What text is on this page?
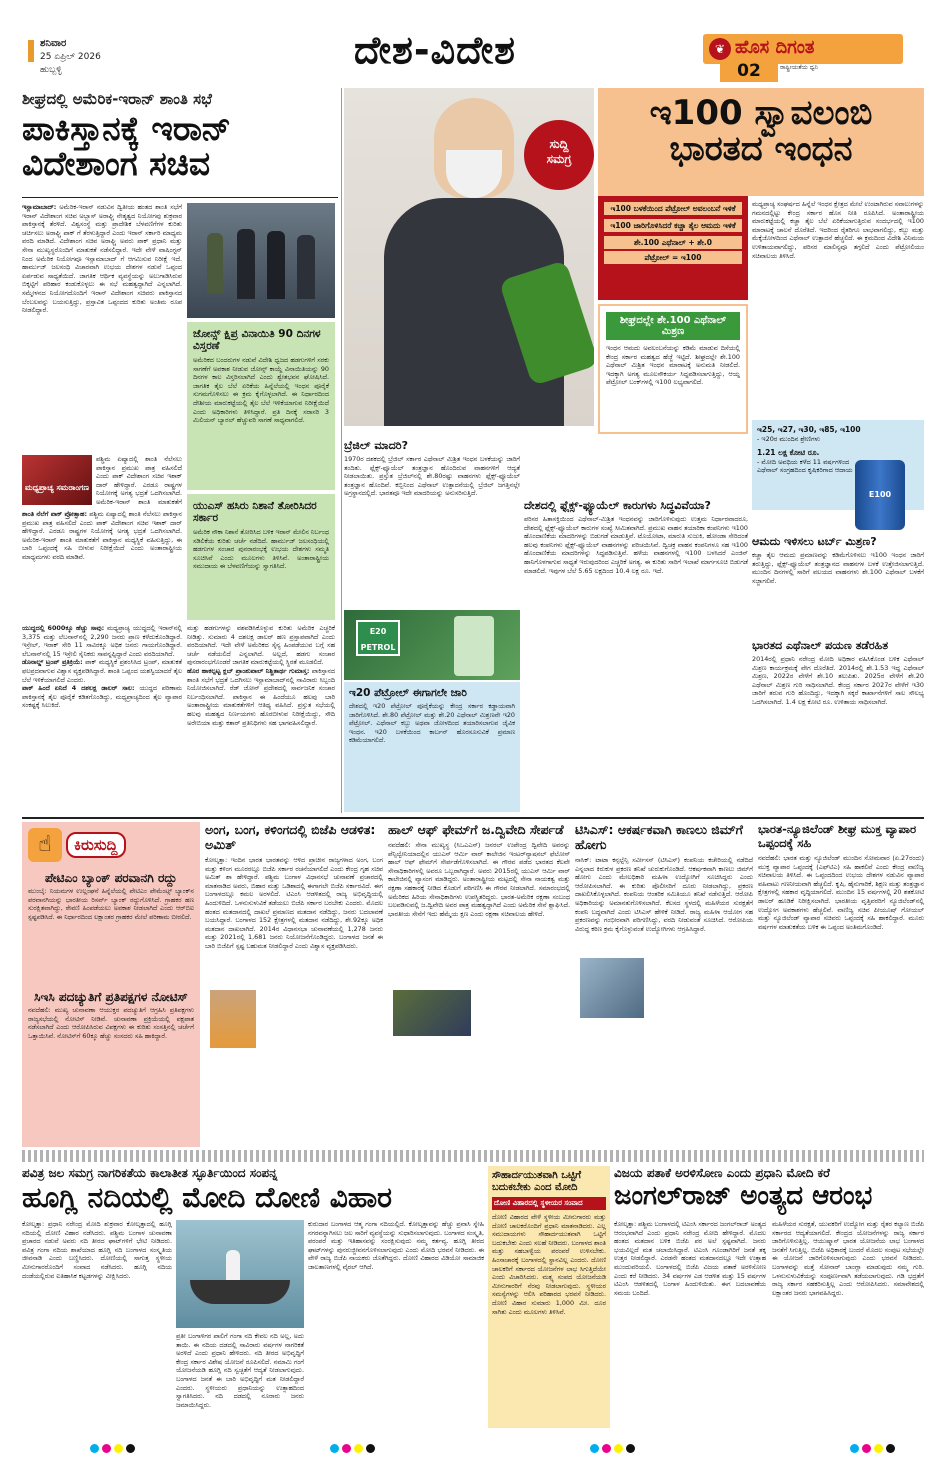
ಶನಿವಾರ
25 ಏಪ್ರಿಲ್ 2026
ಹುಬ್ಬಳ್ಳಿ	ದೇಶ-ವಿದೇಶ	❦ ಹೊಸ ದಿಗಂತ
ರಾಷ್ಟ್ರೀಯತೆಯ ಧ್ವನಿ
02
ಶೀಘ್ರದಲ್ಲಿ ಅಮೆರಿಕ-ಇರಾನ್ ಶಾಂತಿ ಸಭೆ
ಪಾಕಿಸ್ತಾನಕ್ಕೆ ಇರಾನ್
ವಿದೇಶಾಂಗ ಸಚಿವ
ಇಸ್ಲಾಮಾಬಾದ್: ಅಮೆರಿಕ-ಇರಾನ್ ನಡುವಿನ ದ್ವಿತೀಯ ಹಂತದ ಶಾಂತಿ ಸಭೆಗೆ ಇರಾನ್ ವಿದೇಶಾಂಗ ಸಚಿವ ಅಬ್ಬಾಸ್ ಅರಾಘ್ಚಿ ನೇತೃತ್ವದ ನಿಯೋಗವು ಶುಕ್ರವಾರ ಪಾಕಿಸ್ತಾನಕ್ಕೆ ತೆರಳಿದೆ. ವಿಶ್ವಸಂಸ್ಥೆ ಮತ್ತು ಪ್ರಾದೇಶಿಕ ಬೆಳವಣಿಗೆಗಳ ಕುರಿತು ಚರ್ಚಿಸಲು ಅರಾಘ್ಚಿ ಪಾಕ್ ಗೆ ತೆರಳುತ್ತಿದ್ದಾರೆ ಎಂದು ಇರಾನ್ ಸರ್ಕಾರಿ ಮಾಧ್ಯಮ ವರದಿ ಮಾಡಿದೆ. ವಿದೇಶಾಂಗ ಸಚಿವ ಅರಾಘ್ಚಿ ಅವರು ಪಾಕ್ ಪ್ರಧಾನಿ ಮತ್ತು ಸೇನಾ ಮುಖ್ಯಸ್ಥರೊಂದಿಗೆ ಮಾತುಕತೆ ನಡೆಸಲಿದ್ದಾರೆ. ಇದೇ ವೇಳೆ ವಾಷಿಂಗ್ಟನ್ ನಿಂದ ಅಮೆರಿಕ ನಿಯೋಗವೂ ಇಸ್ಲಾಮಾಬಾದ್ ಗೆ ಆಗಮಿಸುವ ನಿರೀಕ್ಷೆ ಇದೆ. ಹಾರ್ಮುಜ್ ಜಲಸಂಧಿ ವಿಚಾರವಾಗಿ ಉಭಯ ದೇಶಗಳ ನಡುವೆ ಒಪ್ಪಂದ ಏರ್ಪಡುವ ಸಾಧ್ಯತೆಯಿದೆ. ಜಾಗತಿಕ ಆರ್ಥಿಕ ವ್ಯವಸ್ಥೆಯನ್ನು ಅಲುಗಾಡಿಸಿರುವ ಬಿಕ್ಕಟ್ಟಿಗೆ ಪರಿಹಾರ ಕಂಡುಕೊಳ್ಳಲು ಈ ಸಭೆ ಮಹತ್ವದ್ದಾಗಿದೆ ಎನ್ನಲಾಗಿದೆ. ಸಮ್ಮೇಳನದ ನಿಯೋಗದೊಂದಿಗೆ ಇರಾನ್ ವಿದೇಶಾಂಗ ಸಚಿವರು ಪಾಕಿಸ್ತಾನದ ಬೆಂಬಲವನ್ನು ಬಯಸುತ್ತಿದ್ದು, ಪ್ರಸ್ತಾವಿತ ಒಪ್ಪಂದದ ಕುರಿತು ಅಂತಿಮ ರೂಪ ನೀಡಲಿದ್ದಾರೆ.
ಜೋನ್ಸ್ ಕ್ಷಿಪ್ರ ವಿನಾಯಿತಿ 90 ದಿನಗಳ ವಿಸ್ತರಣೆ
ಅಮೆರಿಕದ ಬಂದರುಗಳ ನಡುವೆ ವಿದೇಶಿ ಧ್ವಜದ ಹಡಗುಗಳಿಗೆ ಸರಕು ಸಾಗಣೆಗೆ ಅವಕಾಶ ನೀಡುವ ಜೋನ್ಸ್ ಕಾಯ್ದೆ ವಿನಾಯಿತಿಯನ್ನು 90 ದಿನಗಳ ಕಾಲ ವಿಸ್ತರಿಸಲಾಗಿದೆ ಎಂದು ಶ್ವೇತಭವನ ಘೋಷಿಸಿದೆ. ಜಾಗತಿಕ ತೈಲ ಬೆಲೆ ಏರಿಕೆಯ ಹಿನ್ನೆಲೆಯಲ್ಲಿ ಇಂಧನ ಪೂರೈಕೆ ಸುಗಮಗೊಳಿಸಲು ಈ ಕ್ರಮ ಕೈಗೊಳ್ಳಲಾಗಿದೆ. ಈ ನಿರ್ಧಾರದಿಂದ ದೇಶೀಯ ಮಾರುಕಟ್ಟೆಯಲ್ಲಿ ತೈಲ ಬೆಲೆ ಇಳಿಕೆಯಾಗುವ ನಿರೀಕ್ಷೆಯಿದೆ ಎಂದು ಅಧಿಕಾರಿಗಳು ತಿಳಿಸಿದ್ದಾರೆ. ಪ್ರತಿ ದಿನಕ್ಕೆ ಸರಾಸರಿ 3 ಮಿಲಿಯನ್ ಬ್ಯಾರಲ್ ಹೆಚ್ಚುವರಿ ಸಾಗಣೆ ಸಾಧ್ಯವಾಗಲಿದೆ.
ಮಧ್ಯಪ್ರಾಚ್ಯ ಸಮರಾಂಗಣ
ಪಶ್ಚಿಮ ಏಷ್ಯಾದಲ್ಲಿ ಶಾಂತಿ ನೆಲೆಸಲು ಪಾಕಿಸ್ತಾನ ಪ್ರಮುಖ ಪಾತ್ರ ವಹಿಸಲಿದೆ ಎಂದು ಪಾಕ್ ವಿದೇಶಾಂಗ ಸಚಿವ ಇಶಾಕ್ ದಾರ್ ಹೇಳಿದ್ದಾರೆ. ಎರಡೂ ರಾಷ್ಟ್ರಗಳ ನಿಯೋಗಕ್ಕೆ ಅಗತ್ಯ ಭದ್ರತೆ ಒದಗಿಸಲಾಗಿದೆ. ಅಮೆರಿಕ-ಇರಾನ್ ಶಾಂತಿ ಮಾತುಕತೆಗೆ
ಶಾಂತಿ ನೆಲೆಗೆ ಪಾಕ್ ಪ್ರೋತ್ಸಾಹ: ಪಶ್ಚಿಮ ಏಷ್ಯಾದಲ್ಲಿ ಶಾಂತಿ ನೆಲೆಸಲು ಪಾಕಿಸ್ತಾನ ಪ್ರಮುಖ ಪಾತ್ರ ವಹಿಸಲಿದೆ ಎಂದು ಪಾಕ್ ವಿದೇಶಾಂಗ ಸಚಿವ ಇಶಾಕ್ ದಾರ್ ಹೇಳಿದ್ದಾರೆ. ಎರಡೂ ರಾಷ್ಟ್ರಗಳ ನಿಯೋಗಕ್ಕೆ ಅಗತ್ಯ ಭದ್ರತೆ ಒದಗಿಸಲಾಗಿದೆ. ಅಮೆರಿಕ-ಇರಾನ್ ಶಾಂತಿ ಮಾತುಕತೆಗೆ ಪಾಕಿಸ್ತಾನ ಮಧ್ಯಸ್ಥಿಕೆ ವಹಿಸುತ್ತಿದ್ದು, ಈ ಬಾರಿ ಒಪ್ಪಂದಕ್ಕೆ ಸಹಿ ಬೀಳುವ ನಿರೀಕ್ಷೆಯಿದೆ ಎಂದು ಅಂತಾರಾಷ್ಟ್ರೀಯ ಮಾಧ್ಯಮಗಳು ವರದಿ ಮಾಡಿವೆ.
ಯುಎಸ್ ಹಸಿರು ನಿಶಾನೆ ತೋರಿಸಿದರ ಸರ್ಕಾರ
ಅಮೆರಿಕ ನೌಕಾ ನಿಶಾನೆ ತೋರಿಸಿದ ಬಳಿಕ ಇರಾನ್ ಮೇಲಿನ ನಿರ್ಬಂಧ ಸಡಿಲಿಕೆಯ ಕುರಿತು ಚರ್ಚೆ ನಡೆದಿದೆ. ಹಾರ್ಮುಜ್ ಜಲಸಂಧಿಯಲ್ಲಿ ಹಡಗುಗಳ ಸಂಚಾರ ಪುನರಾರಂಭಕ್ಕೆ ಉಭಯ ದೇಶಗಳು ಸಮ್ಮತಿ ಸೂಚಿಸಿವೆ ಎಂದು ಮೂಲಗಳು ತಿಳಿಸಿವೆ. ಅಂತಾರಾಷ್ಟ್ರೀಯ ಸಮುದಾಯ ಈ ಬೆಳವಣಿಗೆಯನ್ನು ಸ್ವಾಗತಿಸಿದೆ.
ಯುದ್ಧದಲ್ಲಿ 6000ಕ್ಕೂ ಹೆಚ್ಚು ಸಾವು: ಮಧ್ಯಪ್ರಾಚ್ಯ ಯುದ್ಧದಲ್ಲಿ ಇರಾನ್‌ನಲ್ಲಿ 3,375 ಮತ್ತು ಲೆಬನಾನ್‌ನಲ್ಲಿ 2,290 ಜನರು ಪ್ರಾಣ ಕಳೆದುಕೊಂಡಿದ್ದಾರೆ. ಇಸ್ರೇಲ್, ಇರಾಕ್ ಸೇರಿ 11 ಸಾವಿರಕ್ಕೂ ಅಧಿಕ ಜನರು ಗಾಯಗೊಂಡಿದ್ದಾರೆ. ಲೆಬನಾನ್‌ನಲ್ಲಿ 15 ಇಸ್ರೇಲಿ ಸೈನಿಕರು ಸಾವನ್ನಪ್ಪಿದ್ದಾರೆ ಎಂದು ವರದಿಯಾಗಿದೆ.
ಡೊನಾಲ್ಡ್ ಟ್ರಂಪ್ ಪ್ರತಿಕ್ರಿಯೆ: ಪಾಕ್ ಮಧ್ಯಸ್ಥಿಕೆ ಪ್ರಶಂಸಿಸಿದ ಟ್ರಂಪ್, ಮಾತುಕತೆ ಫಲಪ್ರದವಾಗುವ ವಿಶ್ವಾಸ ವ್ಯಕ್ತಪಡಿಸಿದ್ದಾರೆ. ಶಾಂತಿ ಒಪ್ಪಂದ ಯಶಸ್ವಿಯಾದರೆ ತೈಲ ಬೆಲೆ ಇಳಿಕೆಯಾಗಲಿದೆ ಎಂದರು.
ಪಾಕ್ ಹಿಂದೆ ಏನಿದೆ 4 ದಶಲಕ್ಷ ಡಾಲರ್ ಸಾಲ: ಯುದ್ಧದ ಪರಿಣಾಮ ಪಾಕಿಸ್ತಾನಕ್ಕೆ ತೈಲ ಪೂರೈಕೆ ಕಡಿತಗೊಂಡಿದ್ದು, ಮಧ್ಯಪ್ರಾಚ್ಯದಿಂದ ತೈಲ ವ್ಯಾಪಾರ ಸಂಕಷ್ಟಕ್ಕೆ ಸಿಲುಕಿದೆ.
ಮತ್ತು ಹಡಗುಗಳನ್ನು ವಶಪಡಿಸಿಕೊಳ್ಳುವ ಕುರಿತು ಅಮೆರಿಕ ಎಚ್ಚರಿಕೆ ನೀಡಿತ್ತು. ಸುಮಾರು 4 ದಶಲಕ್ಷ ಡಾಲರ್ ಹಣ ಪ್ರಸ್ತಾಪವಾಗಿದೆ ಎಂದು ವರದಿಯಾಗಿದೆ. ಇದೇ ವೇಳೆ ಅಮೆರಿಕದ ಸೈನ್ಯ ಹಿಂಪಡೆಯುವ ಬಗ್ಗೆ ಸಹ ಚರ್ಚೆ ನಡೆಯಲಿದೆ ಎನ್ನಲಾಗಿದೆ. ಅಲ್ಲದೆ, ಹಡಗು ಸಂಚಾರ ಪುನರಾರಂಭಗೊಂಡರೆ ಜಾಗತಿಕ ಮಾರುಕಟ್ಟೆಯಲ್ಲಿ ಸ್ಥಿರತೆ ಮೂಡಲಿದೆ.
ಹೊರ ಹಾಕಲ್ಪಟ್ಟ ಕ್ಲಬ್ ಪ್ರಾಂಶುಪಾಲ್ ನಿಶ್ಚಿತಾರ್ಥ ಗುಮಾಸ್ತ: ಪಾಕಿಸ್ತಾನದ ಶಾಂತಿ ಸಭೆಗೆ ಭದ್ರತೆ ಒದಗಿಸಲು ಇಸ್ಲಾಮಾಬಾದ್‌ನಲ್ಲಿ ಸಾವಿರಾರು ಸಿಬ್ಬಂದಿ ನಿಯೋಜಿಸಲಾಗಿದೆ. ರೆಡ್ ಜೋನ್ ಪ್ರದೇಶದಲ್ಲಿ ಸಾರ್ವಜನಿಕ ಸಂಚಾರ ನಿರ್ಬಂಧಿಸಲಾಗಿದೆ. ಪಾಕಿಸ್ತಾನ ಈ ಹಿಂದೆಯೂ ಹಲವು ಬಾರಿ ಅಂತಾರಾಷ್ಟ್ರೀಯ ಮಾತುಕತೆಗಳಿಗೆ ಆತಿಥ್ಯ ವಹಿಸಿದೆ. ಪ್ರಸ್ತುತ ಸಭೆಯಲ್ಲಿ ಹಲವು ಮಹತ್ವದ ನಿರ್ಣಯಗಳು ಹೊರಬೀಳುವ ನಿರೀಕ್ಷೆಯಿದ್ದು, ಸೌದಿ ಅರೇಬಿಯಾ ಮತ್ತು ಕತಾರ್ ಪ್ರತಿನಿಧಿಗಳು ಸಹ ಭಾಗವಹಿಸಲಿದ್ದಾರೆ.
ಸುದ್ದಿ
ಸಮಗ್ರ
ಇ100 ಸ್ವಾವಲಂಬಿ
ಭಾರತದ ಇಂಧನ
ಇ100 ಬಳಕೆಯಿಂದ ಪೆಟ್ರೋಲ್ ಅವಲಂಬನೆ ಇಳಿಕೆ
ಇ100 ಜಾರಿಗೊಳಿಸಿದರೆ ಕಚ್ಚಾ ತೈಲ ಆಮದು ಇಳಿಕೆ
ಶೇ.100 ಎಥೆನಾಲ್ + ಶೇ.0
ಪೆಟ್ರೋಲ್ = ಇ100
ಶೀಘ್ರದಲ್ಲೇ ಶೇ.100 ಎಥೆನಾಲ್ ಮಿಶ್ರಣ
ಇಂಧನ ಆಮದು ಅವಲಂಬನೆಯನ್ನು ಕಡಿಮೆ ಮಾಡುವ ದಿಸೆಯಲ್ಲಿ ಕೇಂದ್ರ ಸರ್ಕಾರ ಮಹತ್ವದ ಹೆಜ್ಜೆ ಇಟ್ಟಿದೆ. ಶೀಘ್ರದಲ್ಲೇ ಶೇ.100 ಎಥೆನಾಲ್ ಮಿಶ್ರಿತ ಇಂಧನ ಮಾರಾಟಕ್ಕೆ ಅನುಮತಿ ನೀಡಲಿದೆ. ಇದಕ್ಕಾಗಿ ಅಗತ್ಯ ಮೂಲಸೌಕರ್ಯ ಸಿದ್ಧಪಡಿಸಲಾಗುತ್ತಿದ್ದು, ಆಯ್ದ ಪೆಟ್ರೋಲ್ ಬಂಕ್‌ಗಳಲ್ಲಿ ಇ100 ಲಭ್ಯವಾಗಲಿದೆ.
ಮಧ್ಯಪ್ರಾಚ್ಯ ಸಂಘರ್ಷದ ಹಿನ್ನೆಲೆ ಇಂಧನ ಕ್ಷೇತ್ರದ ಮೇಲೆ ಉಂಟಾಗಿರುವ ಸವಾಲುಗಳನ್ನು ಗಮನದಲ್ಲಿಟ್ಟು ಕೇಂದ್ರ ಸರ್ಕಾರ ಹೊಸ ನೀತಿ ರೂಪಿಸಿದೆ. ಅಂತಾರಾಷ್ಟ್ರೀಯ ಮಾರುಕಟ್ಟೆಯಲ್ಲಿ ಕಚ್ಚಾ ತೈಲ ಬೆಲೆ ಏರಿಕೆಯಾಗುತ್ತಿರುವ ಸಂದರ್ಭದಲ್ಲಿ ಇ100 ಮಾರಾಟಕ್ಕೆ ಚಾಲನೆ ದೊರೆತಿದೆ. ಇದರಿಂದ ರೈತರಿಗೂ ಲಾಭವಾಗಲಿದ್ದು, ಕಬ್ಬು ಮತ್ತು ಮೆಕ್ಕೆಜೋಳದಿಂದ ಎಥೆನಾಲ್ ಉತ್ಪಾದನೆ ಹೆಚ್ಚಲಿದೆ. ಈ ಕ್ರಮದಿಂದ ವಿದೇಶಿ ವಿನಿಮಯ ಉಳಿತಾಯವಾಗಲಿದ್ದು, ಪರಿಸರ ಮಾಲಿನ್ಯವೂ ತಗ್ಗಲಿದೆ ಎಂದು ಪೆಟ್ರೋಲಿಯಂ ಸಚಿವಾಲಯ ತಿಳಿಸಿದೆ.
ಇ25, ಇ27, ಇ30, ಇ85, ಇ100
- ಇ20ರ ಮುಂದಿನ ಶ್ರೇಣಿಗಳು
1.21 ಲಕ್ಷ ಕೋಟಿ ರೂ.
- ಮೋದಿ ಅವಧಿಯ ಕಳೆದ 11 ವರ್ಷಗಳಿಂದ ಎಥೆನಾಲ್ ಸಂಗ್ರಹದಿಂದ ಕೃಷಿಕರಿಗಾದ ಆದಾಯ
E100
ಆಮದು ಇಳಿಸಲು ಟರ್ಬ್ ಮಿಶ್ರಣ?
ಕಚ್ಚಾ ತೈಲ ಆಮದು ಪ್ರಮಾಣವನ್ನು ಕಡಿಮೆಗೊಳಿಸಲು ಇ100 ಇಂಧನ ಜಾರಿಗೆ ತರುತ್ತಿದ್ದು, ಫ್ಲೆಕ್ಸ್-ಫ್ಯೂಯೆಲ್ ತಂತ್ರಜ್ಞಾನದ ವಾಹನಗಳ ಬಳಕೆ ಉತ್ತೇಜಿಸಲಾಗುತ್ತಿದೆ. ಮುಂದಿನ ದಿನಗಳಲ್ಲಿ ಸಾರಿಗೆ ವಲಯದ ವಾಹನಗಳು ಶೇ.100 ಎಥೆನಾಲ್ ಬಳಕೆಗೆ ಸಜ್ಜಾಗಲಿವೆ.
ಭಾರತದ ಎಥೆನಾಲ್ ಪಯಣ ತಡೆರಹಿತ
2014ರಲ್ಲಿ ಪ್ರಧಾನಿ ನರೇಂದ್ರ ಮೋದಿ ಅಧಿಕಾರ ವಹಿಸಿಕೊಂಡ ಬಳಿಕ ಎಥೆನಾಲ್ ಮಿಶ್ರಣ ಕಾರ್ಯಕ್ರಮಕ್ಕೆ ವೇಗ ದೊರೆತಿದೆ. 2014ರಲ್ಲಿ ಶೇ.1.53 ಇದ್ದ ಎಥೆನಾಲ್ ಮಿಶ್ರಣ, 2022ರ ವೇಳೆಗೆ ಶೇ.10 ತಲುಪಿತು. 2025ರ ವೇಳೆಗೆ ಶೇ.20 ಎಥೆನಾಲ್ ಮಿಶ್ರಣ ಗುರಿ ಸಾಧಿಸಲಾಗಿದೆ. ಕೇಂದ್ರ ಸರ್ಕಾರ 2027ರ ವೇಳೆಗೆ ಇ30 ಜಾರಿಗೆ ತರುವ ಗುರಿ ಹೊಂದಿದ್ದು, ಇದಕ್ಕಾಗಿ ಸಕ್ಕರೆ ಕಾರ್ಖಾನೆಗಳಿಗೆ ಸಾಲ ಸೌಲಭ್ಯ ಒದಗಿಸಲಾಗಿದೆ. 1.4 ಲಕ್ಷ ಕೋಟಿ ರೂ. ಉಳಿತಾಯ ಸಾಧಿಸಲಾಗಿದೆ.
ಬ್ರೆಜಿಲ್ ಮಾದರಿ?
1970ರ ದಶಕದಲ್ಲಿ ಬ್ರೆಜಿಲ್ ಸರ್ಕಾರ ಎಥೆನಾಲ್ ಮಿಶ್ರಿತ ಇಂಧನ ಬಳಕೆಯನ್ನು ಜಾರಿಗೆ ತಂದಿತು. ಫ್ಲೆಕ್ಸ್-ಫ್ಯೂಯೆಲ್ ತಂತ್ರಜ್ಞಾನ ಹೊಂದಿರುವ ವಾಹನಗಳಿಗೆ ಆದ್ಯತೆ ನೀಡಲಾಯಿತು. ಪ್ರಸ್ತುತ ಬ್ರೆಜಿಲ್‌ನಲ್ಲಿ ಶೇ.80ರಷ್ಟು ವಾಹನಗಳು ಫ್ಲೆಕ್ಸ್-ಫ್ಯೂಯೆಲ್ ತಂತ್ರಜ್ಞಾನ ಹೊಂದಿವೆ. ಕಬ್ಬಿನಿಂದ ಎಥೆನಾಲ್ ಉತ್ಪಾದನೆಯಲ್ಲಿ ಬ್ರೆಜಿಲ್ ಜಗತ್ತಿನಲ್ಲೇ ಅಗ್ರಸ್ಥಾನದಲ್ಲಿದೆ. ಭಾರತವೂ ಇದೇ ಮಾದರಿಯನ್ನು ಅನುಸರಿಸುತ್ತಿದೆ.
ದೇಶದಲ್ಲಿ ಫ್ಲೆಕ್ಸ್-ಫ್ಯೂಯೆಲ್ ಕಾರುಗಳು ಸಿದ್ಧವಿವೆಯಾ?
ಪರಿಸರ ಹಿತಾಸಕ್ತಿಯಿಂದ ಎಥೆನಾಲ್-ಮಿಶ್ರಿತ ಇಂಧನವನ್ನು ಜಾರಿಗೊಳಿಸುವುದು ಉತ್ತಮ ನಿರ್ಧಾರವಾದರೂ, ದೇಶದಲ್ಲಿ ಫ್ಲೆಕ್ಸ್-ಫ್ಯೂಯೆಲ್ ಕಾರುಗಳ ಸಂಖ್ಯೆ ಸೀಮಿತವಾಗಿದೆ. ಪ್ರಮುಖ ವಾಹನ ತಯಾರಿಕಾ ಕಂಪನಿಗಳು ಇ100 ಹೊಂದಾಣಿಕೆಯ ಮಾದರಿಗಳನ್ನು ಬಿಡುಗಡೆ ಮಾಡುತ್ತಿವೆ. ಟೊಯೋಟಾ, ಮಾರುತಿ ಸುಜುಕಿ, ಹೋಂಡಾ ಸೇರಿದಂತೆ ಹಲವು ಕಂಪನಿಗಳು ಫ್ಲೆಕ್ಸ್-ಫ್ಯೂಯೆಲ್ ವಾಹನಗಳನ್ನು ಪರಿಚಯಿಸಿವೆ. ದ್ವಿಚಕ್ರ ವಾಹನ ಕಂಪನಿಗಳೂ ಸಹ ಇ100 ಹೊಂದಾಣಿಕೆಯ ಮಾದರಿಗಳನ್ನು ಸಿದ್ಧಪಡಿಸುತ್ತಿವೆ. ಹಳೆಯ ವಾಹನಗಳಲ್ಲಿ ಇ100 ಬಳಸಿದರೆ ಎಂಜಿನ್ ಹಾನಿಗೊಳಗಾಗುವ ಸಾಧ್ಯತೆ ಇರುವುದರಿಂದ ಎಚ್ಚರಿಕೆ ಅಗತ್ಯ. ಈ ಕುರಿತು ಸಾರಿಗೆ ಇಲಾಖೆ ಮಾರ್ಗಸೂಚಿ ಬಿಡುಗಡೆ ಮಾಡಲಿದೆ. ಇವುಗಳ ಬೆಲೆ 5.65 ಲಕ್ಷದಿಂದ 10.4 ಲಕ್ಷ ರೂ. ಇದೆ.
E20 PETROL
ಇ20 ಪೆಟ್ರೋಲ್ ಈಗಾಗಲೇ ಜಾರಿ
ದೇಶದಲ್ಲಿ ಇ20 ಪೆಟ್ರೋಲ್ ಪೂರೈಕೆಯನ್ನು ಕೇಂದ್ರ ಸರ್ಕಾರ ಕಡ್ಡಾಯವಾಗಿ ಜಾರಿಗೊಳಿಸಿದೆ. ಶೇ.80 ಪೆಟ್ರೋಲ್ ಮತ್ತು ಶೇ.20 ಎಥೆನಾಲ್ ಮಿಶ್ರಣವೇ ಇ20 ಪೆಟ್ರೋಲ್. ಎಥೆನಾಲ್ ಕಬ್ಬು ಅಥವಾ ಜೋಳದಿಂದ ತಯಾರಿಸಲಾಗುವ ಜೈವಿಕ ಇಂಧನ. ಇ20 ಬಳಕೆಯಿಂದ ಕಾರ್ಬನ್ ಹೊರಸೂಸುವಿಕೆ ಪ್ರಮಾಣ ಕಡಿಮೆಯಾಗಲಿದೆ.
☝	ಕಿರುಸುದ್ದಿ
ಪೇಟಿಎಂ ಬ್ಯಾಂಕ್ ಪರವಾನಗಿ ರದ್ದು
ಮುಂಬೈ: ನಿಯಮಗಳ ಉಲ್ಲಂಘನೆ ಹಿನ್ನೆಲೆಯಲ್ಲಿ ಪೇಟಿಎಂ ಪೇಮೆಂಟ್ಸ್ ಬ್ಯಾಂಕ್‌ನ ಪರವಾನಗಿಯನ್ನು ಭಾರತೀಯ ರಿಸರ್ವ್ ಬ್ಯಾಂಕ್ ರದ್ದುಗೊಳಿಸಿದೆ. ಗ್ರಾಹಕರ ಹಣ ಸುರಕ್ಷಿತವಾಗಿದ್ದು, ಠೇವಣಿ ಹಿಂಪಡೆಯಲು ಅವಕಾಶ ನೀಡಲಾಗಿದೆ ಎಂದು ಆರ್‌ಬಿಐ ಸ್ಪಷ್ಟಪಡಿಸಿದೆ. ಈ ನಿರ್ಧಾರದಿಂದ ಲಕ್ಷಾಂತರ ಗ್ರಾಹಕರ ಮೇಲೆ ಪರಿಣಾಮ ಬೀರಲಿದೆ.
ಸಿಇಸಿ ಪದಚ್ಯುತಿಗೆ ಪ್ರತಿಪಕ್ಷಗಳ ನೋಟಿಸ್
ನವದೆಹಲಿ: ಮುಖ್ಯ ಚುನಾವಣಾ ಆಯುಕ್ತರ ಪದಚ್ಯುತಿಗೆ ಆಗ್ರಹಿಸಿ ಪ್ರತಿಪಕ್ಷಗಳು ರಾಜ್ಯಸಭೆಯಲ್ಲಿ ನೋಟಿಸ್ ನೀಡಿವೆ. ಚುನಾವಣಾ ಪ್ರಕ್ರಿಯೆಯಲ್ಲಿ ಪಕ್ಷಪಾತ ನಡೆಸಲಾಗಿದೆ ಎಂದು ಆರೋಪಿಸಿರುವ ವಿಪಕ್ಷಗಳು ಈ ಕುರಿತು ಸಂಸತ್ತಿನಲ್ಲಿ ಚರ್ಚೆಗೆ ಒತ್ತಾಯಿಸಿವೆ. ನೋಟಿಸ್‌ಗೆ 60ಕ್ಕೂ ಹೆಚ್ಚು ಸಂಸದರು ಸಹಿ ಹಾಕಿದ್ದಾರೆ.
ಅಂಗ, ಬಂಗ, ಕಳಿಂಗದಲ್ಲಿ ಬಿಜೆಪಿ ಆಡಳಿತ: ಅಮಿತ್
ಕೋಲ್ಕತ್ತಾ: ಇಂದಿನ ಭಾರತ ಭಾರತವನ್ನು ಆಳಿದ ಪ್ರಾಚೀನ ರಾಜ್ಯಗಳಾದ ಅಂಗ, ಬಂಗ ಮತ್ತು ಕಳಿಂಗ ಮೂರರಲ್ಲೂ ಬಿಜೆಪಿ ಸರ್ಕಾರ ರಚನೆಯಾಗಲಿದೆ ಎಂದು ಕೇಂದ್ರ ಗೃಹ ಸಚಿವ ಅಮಿತ್ ಶಾ ಹೇಳಿದ್ದಾರೆ. ಪಶ್ಚಿಮ ಬಂಗಾಳ ವಿಧಾನಸಭೆ ಚುನಾವಣೆ ಪ್ರಚಾರದಲ್ಲಿ ಮಾತನಾಡಿದ ಅವರು, ಬಿಹಾರ ಮತ್ತು ಒಡಿಶಾದಲ್ಲಿ ಈಗಾಗಲೇ ಬಿಜೆಪಿ ಸರ್ಕಾರವಿದೆ. ಈಗ ಬಂಗಾಳದಲ್ಲೂ ಕಮಲ ಅರಳಲಿದೆ. ಟಿಎಂಸಿ ಆಡಳಿತದಲ್ಲಿ ರಾಜ್ಯ ಅಭಿವೃದ್ಧಿಯಲ್ಲಿ ಹಿಂದುಳಿದಿದೆ. ಒಳನುಸುಳುವಿಕೆ ತಡೆಯಲು ಬಿಜೆಪಿ ಸರ್ಕಾರ ಬರಬೇಕು ಎಂದರು. ಮೊದಲ ಹಂತದ ಮತದಾನದಲ್ಲಿ ದಾಖಲೆ ಪ್ರಮಾಣದ ಮತದಾನ ನಡೆದಿದ್ದು, ಜನರು ಬದಲಾವಣೆ ಬಯಸಿದ್ದಾರೆ. ಬಂಗಾಳದ 152 ಕ್ಷೇತ್ರಗಳಲ್ಲಿ ಮತದಾನ ನಡೆದಿದ್ದು, ಶೇ.92ಕ್ಕೂ ಅಧಿಕ ಮತದಾನ ದಾಖಲಾಗಿದೆ. 2014ರ ವಿಧಾನಸಭಾ ಚುನಾವಣೆಯಲ್ಲಿ 1,278 ಜನರು ಮತ್ತು 2021ರಲ್ಲಿ 1,681 ಜನರು ನಿಯೋಜನೆಗೊಂಡಿದ್ದರು. ಬಂಗಾಳದ ಜನತೆ ಈ ಬಾರಿ ಬಿಜೆಪಿಗೆ ಸ್ಪಷ್ಟ ಬಹುಮತ ನೀಡಲಿದ್ದಾರೆ ಎಂದು ವಿಶ್ವಾಸ ವ್ಯಕ್ತಪಡಿಸಿದರು.
ಹಾಲ್ ಆಫ್ ಫೇಮ್‌ಗೆ ಜ.ದ್ವಿವೇದಿ ಸೇರ್ಪಡೆ
ನವದೆಹಲಿ: ಸೇನಾ ಮುಖ್ಯಸ್ಥ (ಸಿಒಎಎಸ್) ಜನರಲ್ ಉಪೇಂದ್ರ ದ್ವಿವೇದಿ ಅವರನ್ನು ಪೆನ್ಸಿಲ್ವೇನಿಯಾದಲ್ಲಿನ ಯುಎಸ್ ಆರ್ಮಿ ವಾರ್ ಕಾಲೇಜಿನ ಇಂಟರ್‌ನ್ಯಾಷನಲ್ ಫೆಲೋಸ್ ಹಾಲ್ ಆಫ್ ಫೇಮ್‌ಗೆ ಸೇರ್ಪಡೆಗೊಳಿಸಲಾಗಿದೆ. ಈ ಗೌರವ ಪಡೆದ ಭಾರತದ ಕೆಲವೇ ಸೇನಾಧಿಕಾರಿಗಳಲ್ಲಿ ಅವರೂ ಒಬ್ಬರಾಗಿದ್ದಾರೆ. ಅವರು 2015ರಲ್ಲಿ ಯುಎಸ್ ಆರ್ಮಿ ವಾರ್ ಕಾಲೇಜಿನಲ್ಲಿ ವ್ಯಾಸಂಗ ಮಾಡಿದ್ದರು. ಅಂತಾರಾಷ್ಟ್ರೀಯ ಮಟ್ಟದಲ್ಲಿ ಸೇನಾ ನಾಯಕತ್ವ ಮತ್ತು ರಕ್ಷಣಾ ಸಹಕಾರಕ್ಕೆ ನೀಡಿದ ಕೊಡುಗೆ ಪರಿಗಣಿಸಿ ಈ ಗೌರವ ನೀಡಲಾಗಿದೆ. ಸಮಾರಂಭದಲ್ಲಿ ಅಮೆರಿಕದ ಹಿರಿಯ ಸೇನಾಧಿಕಾರಿಗಳು ಉಪಸ್ಥಿತರಿದ್ದರು. ಭಾರತ-ಅಮೆರಿಕ ರಕ್ಷಣಾ ಸಂಬಂಧ ಬಲಪಡಿಸುವಲ್ಲಿ ಜ.ದ್ವಿವೇದಿ ಅವರ ಪಾತ್ರ ಮಹತ್ವದ್ದಾಗಿದೆ ಎಂದು ಅಮೆರಿಕ ಸೇನೆ ಶ್ಲಾಘಿಸಿದೆ. ಭಾರತೀಯ ಸೇನೆಗೆ ಇದು ಹೆಮ್ಮೆಯ ಕ್ಷಣ ಎಂದು ರಕ್ಷಣಾ ಸಚಿವಾಲಯ ಹೇಳಿದೆ.
ಟಿಸಿಎಸ್: ಆಕರ್ಷಕವಾಗಿ ಕಾಣಲು ಜಿಮ್‌ಗೆ ಹೋಗು
ನಾಸಿಕ್: ಟಾಟಾ ಕನ್ಸಲ್ಟೆನ್ಸಿ ಸರ್ವೀಸಸ್ (ಟಿಸಿಎಸ್) ಕಂಪನಿಯ ಕಚೇರಿಯಲ್ಲಿ ನಡೆದಿದೆ ಎನ್ನಲಾದ ಕಿರುಕುಳ ಪ್ರಕರಣ ತನಿಖೆ ಚುರುಕುಗೊಂಡಿದೆ. ಆಕರ್ಷಕವಾಗಿ ಕಾಣಲು ಜಿಮ್‌ಗೆ ಹೋಗು ಎಂದು ಮೇಲಧಿಕಾರಿ ಮಹಿಳಾ ಉದ್ಯೋಗಿಗೆ ಸೂಚಿಸಿದ್ದರು ಎಂದು ಆರೋಪಿಸಲಾಗಿದೆ. ಈ ಕುರಿತು ಪೊಲೀಸರಿಗೆ ದೂರು ನೀಡಲಾಗಿದ್ದು, ಪ್ರಕರಣ ದಾಖಲಿಸಿಕೊಳ್ಳಲಾಗಿದೆ. ಕಂಪನಿಯ ಆಂತರಿಕ ಸಮಿತಿಯೂ ತನಿಖೆ ನಡೆಸುತ್ತಿದೆ. ಆರೋಪಿ ಅಧಿಕಾರಿಯನ್ನು ಅಮಾನತುಗೊಳಿಸಲಾಗಿದೆ. ಕೆಲಸದ ಸ್ಥಳದಲ್ಲಿ ಮಹಿಳೆಯರ ಸುರಕ್ಷತೆಗೆ ಕಂಪನಿ ಬದ್ಧವಾಗಿದೆ ಎಂದು ಟಿಸಿಎಸ್ ಹೇಳಿಕೆ ನೀಡಿದೆ. ರಾಜ್ಯ ಮಹಿಳಾ ಆಯೋಗ ಸಹ ಪ್ರಕರಣವನ್ನು ಗಂಭೀರವಾಗಿ ಪರಿಗಣಿಸಿದ್ದು, ವರದಿ ನೀಡುವಂತೆ ಸೂಚಿಸಿದೆ. ಆರೋಪಿಯ ವಿರುದ್ಧ ಕಠಿಣ ಕ್ರಮ ಕೈಗೊಳ್ಳುವಂತೆ ಉದ್ಯೋಗಿಗಳು ಆಗ್ರಹಿಸಿದ್ದಾರೆ.
ಭಾರತ-ನ್ಯೂಜಿಲೆಂಡ್ ಶೀಘ್ರ ಮುಕ್ತ ವ್ಯಾಪಾರ ಒಪ್ಪಂದಕ್ಕೆ ಸಹಿ
ನವದೆಹಲಿ: ಭಾರತ ಮತ್ತು ನ್ಯೂಜಿಲೆಂಡ್ ಮುಂದಿನ ಸೋಮವಾರ (ಏ.27ರಂದು) ಮುಕ್ತ ವ್ಯಾಪಾರ ಒಪ್ಪಂದಕ್ಕೆ (ಎಫ್‌ಟಿಎ) ಸಹಿ ಹಾಕಲಿವೆ ಎಂದು ಕೇಂದ್ರ ವಾಣಿಜ್ಯ ಸಚಿವಾಲಯ ತಿಳಿಸಿದೆ. ಈ ಒಪ್ಪಂದದಿಂದ ಉಭಯ ದೇಶಗಳ ನಡುವಿನ ವ್ಯಾಪಾರ ವಹಿವಾಟು ಗಣನೀಯವಾಗಿ ಹೆಚ್ಚಲಿದೆ. ಕೃಷಿ, ಹೈನುಗಾರಿಕೆ, ಶಿಕ್ಷಣ ಮತ್ತು ತಂತ್ರಜ್ಞಾನ ಕ್ಷೇತ್ರಗಳಲ್ಲಿ ಸಹಕಾರ ವೃದ್ಧಿಯಾಗಲಿದೆ. ಮುಂದಿನ 15 ವರ್ಷಗಳಲ್ಲಿ 20 ಶತಕೋಟಿ ಡಾಲರ್ ಹೂಡಿಕೆ ನಿರೀಕ್ಷಿಸಲಾಗಿದೆ. ಭಾರತೀಯ ವೃತ್ತಿಪರರಿಗೆ ನ್ಯೂಜಿಲೆಂಡ್‌ನಲ್ಲಿ ಉದ್ಯೋಗ ಅವಕಾಶಗಳು ಹೆಚ್ಚಲಿವೆ. ವಾಣಿಜ್ಯ ಸಚಿವ ಪೀಯೂಷ್ ಗೋಯಲ್ ಮತ್ತು ನ್ಯೂಜಿಲೆಂಡ್ ವ್ಯಾಪಾರ ಸಚಿವರು ಒಪ್ಪಂದಕ್ಕೆ ಸಹಿ ಹಾಕಲಿದ್ದಾರೆ. ಮೂರು ವರ್ಷಗಳ ಮಾತುಕತೆಯ ಬಳಿಕ ಈ ಒಪ್ಪಂದ ಅಂತಿಮಗೊಂಡಿದೆ.
ಪವಿತ್ರ ಜಲ ಸಮಗ್ರ ನಾಗರಿಕತೆಯ ಕಾಲಾತೀತ ಸ್ಫೂರ್ತಿಯಿಂದ ಸಂಪನ್ನ
ಹೂಗ್ಲಿ ನದಿಯಲ್ಲಿ ಮೋದಿ ದೋಣಿ ವಿಹಾರ
ಕೋಲ್ಕತ್ತಾ: ಪ್ರಧಾನಿ ನರೇಂದ್ರ ಮೋದಿ ಶುಕ್ರವಾರ ಕೋಲ್ಕತ್ತಾದಲ್ಲಿ ಹೂಗ್ಲಿ ನದಿಯಲ್ಲಿ ದೋಣಿ ವಿಹಾರ ನಡೆಸಿದರು. ಪಶ್ಚಿಮ ಬಂಗಾಳ ಚುನಾವಣಾ ಪ್ರಚಾರದ ನಡುವೆ ಅವರು ನದಿ ತೀರದ ಘಾಟ್‌ಗಳಿಗೆ ಭೇಟಿ ನೀಡಿದರು. ಪವಿತ್ರ ಗಂಗಾ ನದಿಯ ಶಾಖೆಯಾದ ಹೂಗ್ಲಿ ನದಿ ಬಂಗಾಳದ ಸಂಸ್ಕೃತಿಯ ಜೀವನಾಡಿ ಎಂದು ಬಣ್ಣಿಸಿದರು. ದೋಣಿಯಲ್ಲಿ ಸಾಗುತ್ತ ಸ್ಥಳೀಯ ಮೀನುಗಾರರೊಂದಿಗೆ ಸಂವಾದ ನಡೆಸಿದರು. ಹೂಗ್ಲಿ ನದಿಯ ದಂಡೆಯಲ್ಲಿರುವ ಐತಿಹಾಸಿಕ ಕಟ್ಟಡಗಳನ್ನು ವೀಕ್ಷಿಸಿದರು.
ಪ್ರತೀ ಬಂಗಾಳಿಗರ ಪಾಲಿಗೆ ಗಂಗಾ ನದಿ ಕೇವಲ ನದಿ ಅಲ್ಲ, ಅದು ತಾಯಿ. ಈ ನದಿಯ ದಡದಲ್ಲಿ ಸಾವಿರಾರು ವರ್ಷಗಳ ನಾಗರಿಕತೆ ಅರಳಿದೆ ಎಂದು ಪ್ರಧಾನಿ ಹೇಳಿದರು. ನದಿ ತೀರದ ಅಭಿವೃದ್ಧಿಗೆ ಕೇಂದ್ರ ಸರ್ಕಾರ ವಿಶೇಷ ಯೋಜನೆ ರೂಪಿಸಲಿದೆ. ನಮಾಮಿ ಗಂಗೆ ಯೋಜನೆಯಡಿ ಹೂಗ್ಲಿ ನದಿ ಸ್ವಚ್ಛತೆಗೆ ಆದ್ಯತೆ ನೀಡಲಾಗುವುದು. ಬಂಗಾಳದ ಜನತೆ ಈ ಬಾರಿ ಅಭಿವೃದ್ಧಿಗೆ ಮತ ನೀಡಲಿದ್ದಾರೆ ಎಂದರು. ಸ್ಥಳೀಯರು ಪ್ರಧಾನಿಯನ್ನು ಉತ್ಸಾಹದಿಂದ ಸ್ವಾಗತಿಸಿದರು. ನದಿ ದಡದಲ್ಲಿ ನೂರಾರು ಜನರು ಜಮಾಯಿಸಿದ್ದರು.
ಕುರುದಾರ ಬಂಗಾಳದ ಆತ್ಮ ಗಂಗಾ ನದಿಯಲ್ಲಿದೆ. ಕೋಲ್ಕತ್ತಾವನ್ನು ಹೆಚ್ಚು ಪ್ರವಾಸಿ ಸ್ನೇಹಿ ನಗರವನ್ನಾಗಿಸಲು ಜಲ ಸಾರಿಗೆ ವ್ಯವಸ್ಥೆಯನ್ನು ಸುಧಾರಿಸಲಾಗುವುದು. ಬಂಗಾಳದ ಸಂಸ್ಕೃತಿ, ಪರಂಪರೆ ಮತ್ತು ಇತಿಹಾಸವನ್ನು ಸಂರಕ್ಷಿಸುವುದು ನಮ್ಮ ಕರ್ತವ್ಯ. ಹೂಗ್ಲಿ ತೀರದ ಘಾಟ್‌ಗಳನ್ನು ಪುನರುಜ್ಜೀವನಗೊಳಿಸಲಾಗುವುದು ಎಂದು ಮೋದಿ ಭರವಸೆ ನೀಡಿದರು. ಈ ವೇಳೆ ರಾಜ್ಯ ಬಿಜೆಪಿ ನಾಯಕರು ಜೊತೆಗಿದ್ದರು. ದೋಣಿ ವಿಹಾರದ ವಿಡಿಯೋ ಸಾಮಾಜಿಕ ಜಾಲತಾಣಗಳಲ್ಲಿ ವೈರಲ್ ಆಗಿದೆ.
ಸೌಹಾರ್ದಯುತವಾಗಿ ಒಟ್ಟಿಗೆ ಬದುಕಬೇಕು ಎಂದ ಮೋದಿ
ದೋಣಿ ವಿಹಾರದಲ್ಲಿ ಸ್ಥಳೀಯರ ಸಂವಾದ
ದೋಣಿ ವಿಹಾರದ ವೇಳೆ ಸ್ಥಳೀಯ ಮೀನುಗಾರರು ಮತ್ತು ದೋಣಿ ಚಾಲಕರೊಂದಿಗೆ ಪ್ರಧಾನಿ ಮಾತನಾಡಿದರು. ಎಲ್ಲ ಸಮುದಾಯಗಳು ಸೌಹಾರ್ದಯುತವಾಗಿ ಒಟ್ಟಿಗೆ ಬದುಕಬೇಕು ಎಂದು ಸಲಹೆ ನೀಡಿದರು. ಬಂಗಾಳದ ಶಾಂತಿ ಮತ್ತು ಸಹಬಾಳ್ವೆಯ ಪರಂಪರೆ ಉಳಿಸಬೇಕು. ಹಿಂಸಾಚಾರಕ್ಕೆ ಬಂಗಾಳದಲ್ಲಿ ಸ್ಥಾನವಿಲ್ಲ ಎಂದರು. ದೋಣಿ ಚಾಲಕರಿಗೆ ಸರ್ಕಾರದ ಯೋಜನೆಗಳ ಲಾಭ ಸಿಗುತ್ತಿದೆಯೇ ಎಂದು ವಿಚಾರಿಸಿದರು. ಮತ್ಸ್ಯ ಸಂಪದ ಯೋಜನೆಯಡಿ ಮೀನುಗಾರರಿಗೆ ನೆರವು ನೀಡಲಾಗುವುದು. ಸ್ಥಳೀಯರ ಸಮಸ್ಯೆಗಳನ್ನು ಆಲಿಸಿ ಪರಿಹಾರದ ಭರವಸೆ ನೀಡಿದರು. ದೋಣಿ ವಿಹಾರ ಸುಮಾರು 1,000 ಮೀ. ದೂರ ಸಾಗಿತು ಎಂದು ಮೂಲಗಳು ತಿಳಿಸಿವೆ.
ವಿಜಯ ಪತಾಕೆ ಅರಳಿಸೋಣ ಎಂದು ಪ್ರಧಾನಿ ಮೋದಿ ಕರೆ
ಜಂಗಲ್‌ರಾಜ್ ಅಂತ್ಯದ ಆರಂಭ
ಕೋಲ್ಕತ್ತಾ: ಪಶ್ಚಿಮ ಬಂಗಾಳದಲ್ಲಿ ಟಿಎಂಸಿ ಸರ್ಕಾರದ ಜಂಗಲ್‌ರಾಜ್ ಅಂತ್ಯದ ಆರಂಭವಾಗಿದೆ ಎಂದು ಪ್ರಧಾನಿ ನರೇಂದ್ರ ಮೋದಿ ಹೇಳಿದ್ದಾರೆ. ಮೊದಲ ಹಂತದ ಮತದಾನ ಬಳಿಕ ಬಿಜೆಪಿ ಪರ ಅಲೆ ಸ್ಪಷ್ಟವಾಗಿದೆ. ಜನರು ಭಯವಿಲ್ಲದೆ ಮತ ಚಲಾಯಿಸಿದ್ದಾರೆ. ಟಿಎಂಸಿ ಗೂಂಡಾಗಿರಿಗೆ ಜನತೆ ತಕ್ಕ ಉತ್ತರ ನೀಡಲಿದ್ದಾರೆ. ಎರಡನೇ ಹಂತದ ಮತದಾನದಲ್ಲೂ ಇದೇ ಉತ್ಸಾಹ ಮುಂದುವರಿಯಲಿ. ಬಂಗಾಳದಲ್ಲಿ ಬಿಜೆಪಿ ವಿಜಯ ಪತಾಕೆ ಅರಳಿಸೋಣ ಎಂದು ಕರೆ ನೀಡಿದರು. 34 ವರ್ಷಗಳ ಎಡ ಆಡಳಿತ ಮತ್ತು 15 ವರ್ಷಗಳ ಟಿಎಂಸಿ ಆಡಳಿತದಲ್ಲಿ ಬಂಗಾಳ ಹಿಂದುಳಿಯಿತು. ಈಗ ಬದಲಾವಣೆಯ ಸಮಯ ಬಂದಿದೆ.
ಮಹಿಳೆಯರ ಸುರಕ್ಷತೆ, ಯುವಕರಿಗೆ ಉದ್ಯೋಗ ಮತ್ತು ರೈತರ ಕಲ್ಯಾಣ ಬಿಜೆಪಿ ಸರ್ಕಾರದ ಆದ್ಯತೆಯಾಗಲಿದೆ. ಕೇಂದ್ರದ ಯೋಜನೆಗಳನ್ನು ರಾಜ್ಯ ಸರ್ಕಾರ ಜಾರಿಗೊಳಿಸುತ್ತಿಲ್ಲ. ಆಯುಷ್ಮಾನ್ ಭಾರತ ಯೋಜನೆಯ ಲಾಭ ಬಂಗಾಳದ ಜನತೆಗೆ ಸಿಗುತ್ತಿಲ್ಲ. ಬಿಜೆಪಿ ಅಧಿಕಾರಕ್ಕೆ ಬಂದರೆ ಮೊದಲ ಸಂಪುಟ ಸಭೆಯಲ್ಲೇ ಈ ಯೋಜನೆ ಜಾರಿಗೊಳಿಸಲಾಗುವುದು ಎಂದು ಭರವಸೆ ನೀಡಿದರು. ಬಂಗಾಳವನ್ನು ಮತ್ತೆ ಸೋನಾರ್ ಬಾಂಗ್ಲಾ ಮಾಡುವುದು ನಮ್ಮ ಗುರಿ. ಒಳನುಸುಳುವಿಕೆಯನ್ನು ಸಂಪೂರ್ಣವಾಗಿ ತಡೆಯಲಾಗುವುದು. ಗಡಿ ಭದ್ರತೆಗೆ ರಾಜ್ಯ ಸರ್ಕಾರ ಸಹಕರಿಸುತ್ತಿಲ್ಲ ಎಂದು ಆರೋಪಿಸಿದರು. ಸಮಾವೇಶದಲ್ಲಿ ಲಕ್ಷಾಂತರ ಜನರು ಭಾಗವಹಿಸಿದ್ದರು.
